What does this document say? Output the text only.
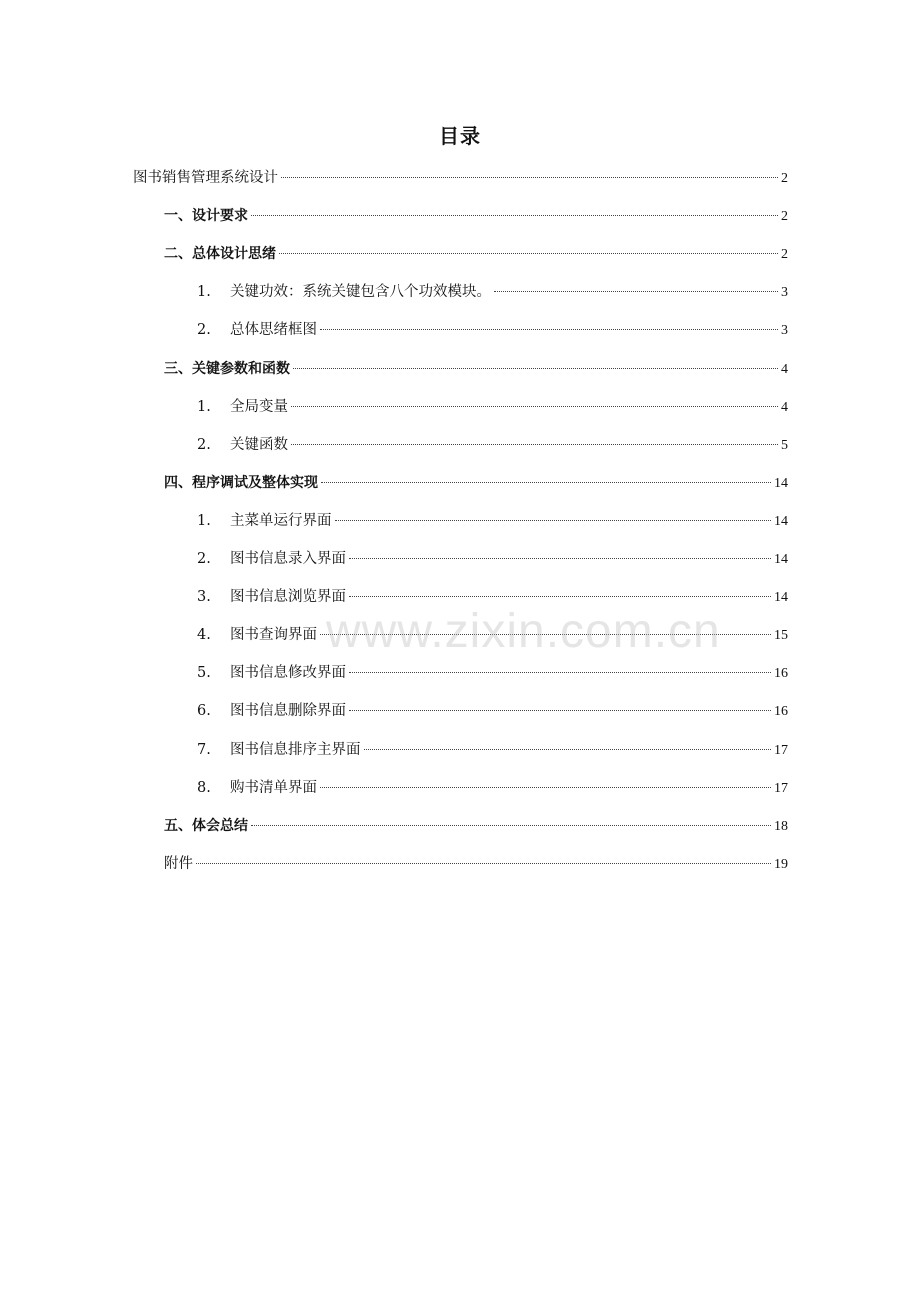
目录
图书销售管理系统设计	2
一、设计要求	2
二、总体设计思绪	2
1.	关键功效：系统关键包含八个功效模块。	3
2.	总体思绪框图	3
三、关键参数和函数	4
1.	全局变量	4
2.	关键函数	5
四、程序调试及整体实现	14
1.	主菜单运行界面	14
2.	图书信息录入界面	14
3.	图书信息浏览界面	14
4.	图书查询界面	15
5.	图书信息修改界面	16
6.	图书信息删除界面	16
7.	图书信息排序主界面	17
8.	购书清单界面	17
五、体会总结	18
附件	19
www.zixin.com.cn
